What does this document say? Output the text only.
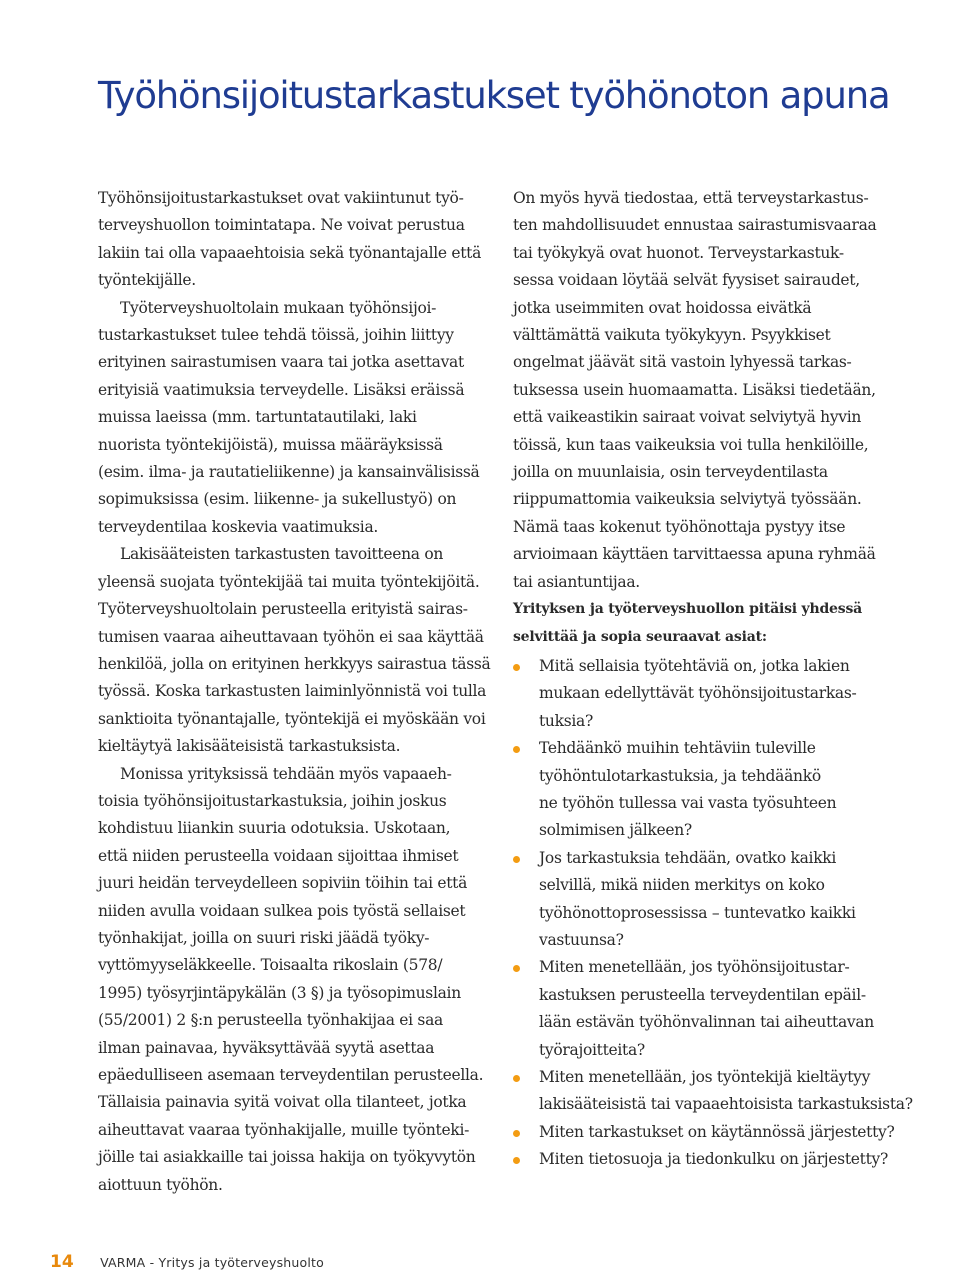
Työhönsijoitustarkastukset työhönoton apuna

Työhönsijoitustarkastukset ovat vakiintunut työ-
terveyshuollon toimintatapa. Ne voivat perustua
lakiin tai olla vapaaehtoisia sekä työnantajalle että
työntekijälle.

Työterveyshuoltolain mukaan työhönsijoi-
tustarkastukset tulee tehdä töissä, joihin liittyy
erityinen sairastumisen vaara tai jotka asettavat
erityisiä vaatimuksia terveydelle. Lisäksi eräissä
muissa laeissa (mm. tartuntatautilaki, laki
nuorista työntekijöistä), muissa määräyksissä
(esim. ilma- ja rautatieliikenne) ja kansainvälisissä
sopimuksissa (esim. liikenne- ja sukellustyö) on
terveydentilaa koskevia vaatimuksia.

Lakisääteisten tarkastusten tavoitteena on
yleensä suojata työntekijää tai muita työntekijöitä.
Työterveyshuoltolain perusteella erityistä sairas-
tumisen vaaraa aiheuttavaan työhön ei saa käyttää
henkilöä, jolla on erityinen herkkyys sairastua tässä
työssä. Koska tarkastusten laiminlyönnistä voi tulla
sanktioita työnantajalle, työntekijä ei myöskään voi
kieltäytyä lakisääteisistä tarkastuksista.

Monissa yrityksissä tehdään myös vapaaeh-
toisia työhönsijoitustarkastuksia, joihin joskus
kohdistuu liiankin suuria odotuksia. Uskotaan,
että niiden perusteella voidaan sijoittaa ihmiset
juuri heidän terveydelleen sopiviin töihin tai että
niiden avulla voidaan sulkea pois työstä sellaiset
työnhakijat, joilla on suuri riski jäädä työky-
vyttömyyseläkkeelle. Toisaalta rikoslain (578/
1995) työsyrjintäpykälän (3 §) ja työsopimuslain
(55/2001) 2 §:n perusteella työnhakijaa ei saa
ilman painavaa, hyväksyttävää syytä asettaa
epäedulliseen asemaan terveydentilan perusteella.
Tällaisia painavia syitä voivat olla tilanteet, jotka
aiheuttavat vaaraa työnhakijalle, muille työnteki-
jöille tai asiakkaille tai joissa hakija on työkyvytön
aiottuun työhön.

On myös hyvä tiedostaa, että terveystarkastus-
ten mahdollisuudet ennustaa sairastumisvaaraa
tai työkykyä ovat huonot. Terveystarkastuk-
sessa voidaan löytää selvät fyysiset sairaudet,
jotka useimmiten ovat hoidossa eivätkä
välttämättä vaikuta työkykyyn. Psyykkiset
ongelmat jäävät sitä vastoin lyhyessä tarkas-
tuksessa usein huomaamatta. Lisäksi tiedetään,
että vaikeastikin sairaat voivat selviytyä hyvin
töissä, kun taas vaikeuksia voi tulla henkilöille,
joilla on muunlaisia, osin terveydentilasta
riippumattomia vaikeuksia selviytyä työssään.
Nämä taas kokenut työhönottaja pystyy itse
arvioimaan käyttäen tarvittaessa apuna ryhmää
tai asiantuntijaa.

Yrityksen ja työterveyshuollon pitäisi yhdessä
selvittää ja sopia seuraavat asiat:

Mitä sellaisia työtehtäviä on, jotka lakien
mukaan edellyttävät työhönsijoitustarkas-
tuksia?
Tehdäänkö muihin tehtäviin tuleville
työhöntulotarkastuksia, ja tehdäänkö
ne työhön tullessa vai vasta työsuhteen
solmimisen jälkeen?
Jos tarkastuksia tehdään, ovatko kaikki
selvillä, mikä niiden merkitys on koko
työhönottoprosessissa – tuntevatko kaikki
vastuunsa?
Miten menetellään, jos työhönsijoitustar-
kastuksen perusteella terveydentilan epäil-
lään estävän työhönvalinnan tai aiheuttavan
työrajoitteita?
Miten menetellään, jos työntekijä kieltäytyy
lakisääteisistä tai vapaaehtoisista tarkastuksista?
Miten tarkastukset on käytännössä järjestetty?
Miten tietosuoja ja tiedonkulku on järjestetty?
14 VARMA - Yritys ja työterveyshuolto
